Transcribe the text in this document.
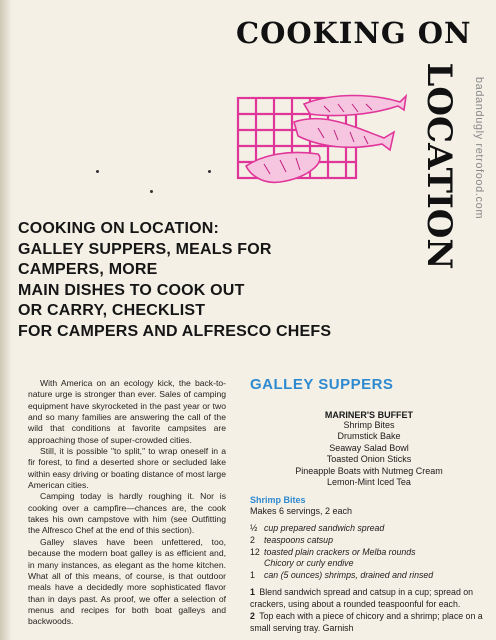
COOKING ON
LOCATION badandugly retrofood.com
COOKING ON LOCATION:
GALLEY SUPPERS, MEALS FOR
CAMPERS, MORE
MAIN DISHES TO COOK OUT
OR CARRY, CHECKLIST
FOR CAMPERS AND ALFRESCO CHEFS

With America on an ecology kick, the back-to-nature urge is stronger than ever. Sales of camping equipment have skyrocketed in the past year or two and so many families are answering the call of the wild that conditions at favorite campsites are approaching those of super-crowded cities.

Still, it is possible "to split," to wrap oneself in a fir forest, to find a deserted shore or secluded lake within easy driving or boating distance of most large American cities.

Camping today is hardly roughing it. Nor is cooking over a campfire—chances are, the cook takes his own campstove with him (see Outfitting the Alfresco Chef at the end of this section).

Galley slaves have been unfettered, too, because the modern boat galley is as efficient and, in many instances, as elegant as the home kitchen. What all of this means, of course, is that outdoor meals have a decidedly more sophisticated flavor than in days past. As proof, we offer a selection of menus and recipes for both boat galleys and backwoods.

GALLEY SUPPERS

MARINER'S BUFFET

Shrimp Bites
Drumstick Bake
Seaway Salad Bowl
Toasted Onion Sticks
Pineapple Boats with Nutmeg Cream
Lemon-Mint Iced Tea

Shrimp Bites

Makes 6 servings, 2 each

½ cup prepared sandwich spread
2 teaspoons catsup
12 toasted plain crackers or Melba rounds
Chicory or curly endive
1 can (5 ounces) shrimps, drained and rinsed

1 Blend sandwich spread and catsup in a cup; spread on crackers, using about a rounded teaspoonful for each.

2 Top each with a piece of chicory and a shrimp; place on a small serving tray. Garnish
